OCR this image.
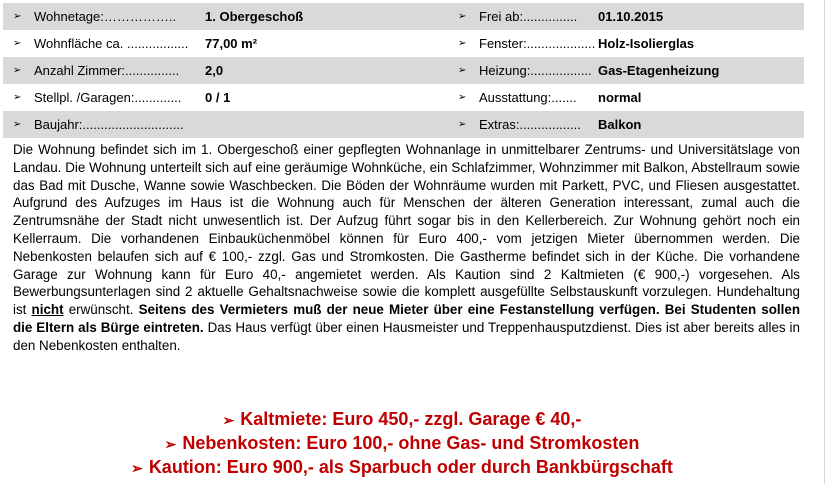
➢ Wohnetage:…………….. 1. Obergeschoß	➢ Frei ab:............... 01.10.2015
➢ Wohnfläche ca. ................. 77,00 m²	➢ Fenster:................... Holz-Isolierglas
➢ Anzahl Zimmer:............... 2,0	➢ Heizung:................. Gas-Etagenheizung
➢ Stellpl. /Garagen:............. 0 / 1	➢ Ausstattung:....... normal
➢ Baujahr:............................	➢ Extras:................. Balkon
Die Wohnung befindet sich im 1. Obergeschoß einer gepflegten Wohnanlage in unmittelbarer Zentrums- und Universitätslage von Landau. Die Wohnung unterteilt sich auf eine geräumige Wohnküche, ein Schlafzimmer, Wohnzimmer mit Balkon, Abstellraum sowie das Bad mit Dusche, Wanne sowie Waschbecken. Die Böden der Wohnräume wurden mit Parkett, PVC, und Fliesen ausgestattet. Aufgrund des Aufzuges im Haus ist die Wohnung auch für Menschen der älteren Generation interessant, zumal auch die Zentrumsnähe der Stadt nicht unwesentlich ist. Der Aufzug führt sogar bis in den Kellerbereich. Zur Wohnung gehört noch ein Kellerraum. Die vorhandenen Einbauküchenmöbel können für Euro 400,- vom jetzigen Mieter übernommen werden. Die Nebenkosten belaufen sich auf € 100,- zzgl. Gas und Stromkosten. Die Gastherme befindet sich in der Küche. Die vorhandene Garage zur Wohnung kann für Euro 40,- angemietet werden. Als Kaution sind 2 Kaltmieten (€ 900,-) vorgesehen. Als Bewerbungsunterlagen sind 2 aktuelle Gehaltsnachweise sowie die komplett ausgefüllte Selbstauskunft vorzulegen. Hundehaltung ist nicht erwünscht. Seitens des Vermieters muß der neue Mieter über eine Festanstellung verfügen. Bei Studenten sollen die Eltern als Bürge eintreten. Das Haus verfügt über einen Hausmeister und Treppenhausputzdienst. Dies ist aber bereits alles in den Nebenkosten enthalten.
➢ Kaltmiete: Euro 450,- zzgl. Garage € 40,-
➢ Nebenkosten: Euro 100,- ohne Gas- und Stromkosten
➢ Kaution: Euro 900,- als Sparbuch oder durch Bankbürgschaft
